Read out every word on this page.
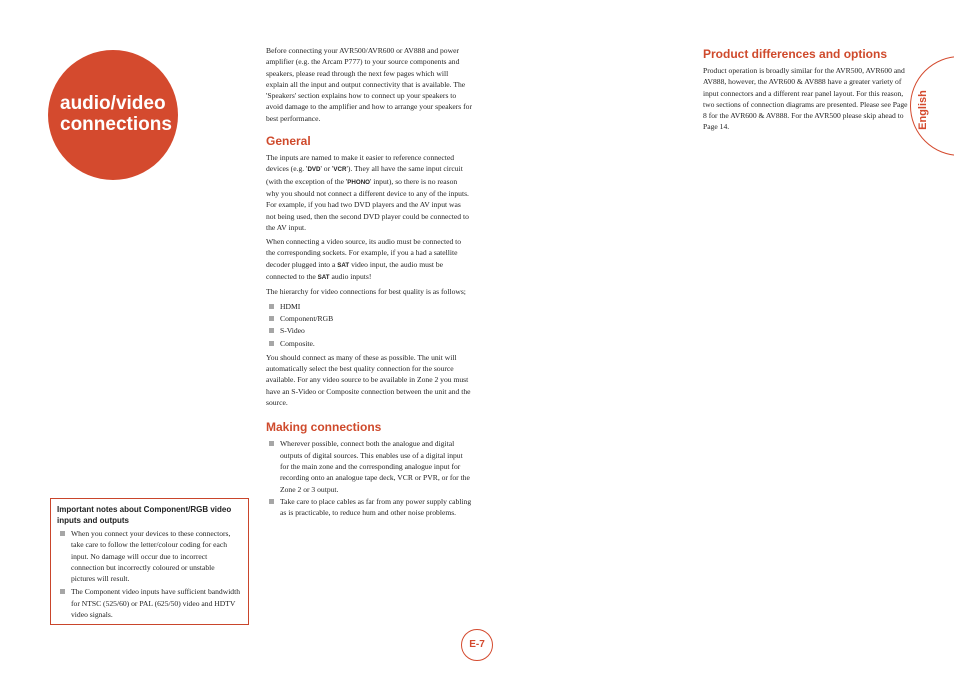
audio/video
connections

Before connecting your AVR500/AVR600 or AV888 and power amplifier (e.g. the Arcam P777) to your source components and speakers, please read through the next few pages which will explain all the input and output connectivity that is available. The 'Speakers' section explains how to connect up your speakers to avoid damage to the amplifier and how to arrange your speakers for best performance.

General

The inputs are named to make it easier to reference connected devices (e.g. 'DVD' or 'VCR'). They all have the same input circuit (with the exception of the 'PHONO' input), so there is no reason why you should not connect a different device to any of the inputs. For example, if you had two DVD players and the AV input was not being used, then the second DVD player could be connected to the AV input.

When connecting a video source, its audio must be connected to the corresponding sockets. For example, if you a had a satellite decoder plugged into a SAT video input, the audio must be connected to the SAT audio inputs!

The hierarchy for video connections for best quality is as follows;

HDMI
Component/RGB
S-Video
Composite.

You should connect as many of these as possible. The unit will automatically select the best quality connection for the source available. For any video source to be available in Zone 2 you must have an S-Video or Composite connection between the unit and the source.

Making connections
Wherever possible, connect both the analogue and digital outputs of digital sources. This enables use of a digital input for the main zone and the corresponding analogue input for recording onto an analogue tape deck, VCR or PVR, or for the Zone 2 or 3 output.
Take care to place cables as far from any power supply cabling as is practicable, to reduce hum and other noise problems.
Important notes about Component/RGB video inputs and outputs
When you connect your devices to these connectors, take care to follow the letter/colour coding for each input. No damage will occur due to incorrect connection but incorrectly coloured or unstable pictures will result.
The Component video inputs have sufficient bandwidth for NTSC (525/60) or PAL (625/50) video and HDTV video signals.
Product differences and options

Product operation is broadly similar for the AVR500, AVR600 and AV888, however, the AVR600 & AV888 have a greater variety of input connectors and a different rear panel layout. For this reason, two sections of connection diagrams are presented. Please see Page 8 for the AVR600 & AV888. For the AVR500 please skip ahead to Page 14.	English
E-7
